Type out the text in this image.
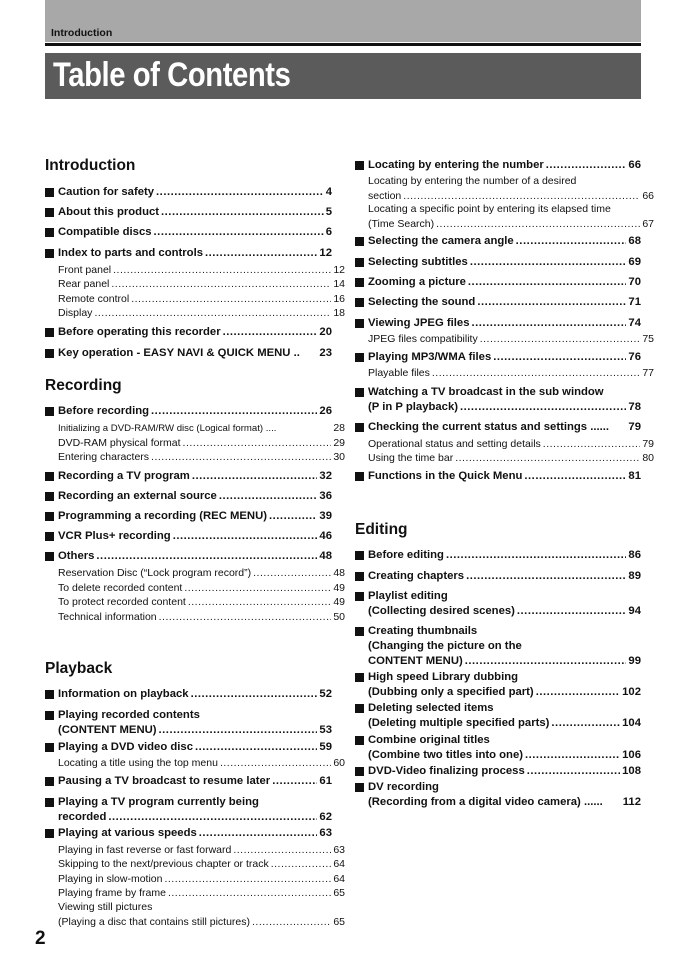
Introduction
Table of Contents
Introduction
Caution for safety .....	4
About this product .....	5
Compatible discs .....	6
Index to parts and controls .....	12
Front panel .....	12
Rear panel .....	14
Remote control .....	16
Display .....	18
Before operating this recorder .....	20
Key operation - EASY NAVI & QUICK MENU .. 23
Recording
Before recording .....	26
Initializing a DVD-RAM/RW disc (Logical format) ....	28
DVD-RAM physical format .....	29
Entering characters .....	30
Recording a TV program .....	32
Recording an external source .....	36
Programming a recording (REC MENU) .....	39
VCR Plus+ recording .....	46
Others .....	48
Reservation Disc (“Lock program record”) .....	48
To delete recorded content .....	49
To protect recorded content .....	49
Technical information .....	50
Playback
Information on playback .....	52
Playing recorded contents
(CONTENT MENU) .....	53
Playing a DVD video disc .....	59
Locating a title using the top menu .....	60
Pausing a TV broadcast to resume later .....	61
Playing a TV program currently being
recorded .....	62
Playing at various speeds .....	63
Playing in fast reverse or fast forward .....	63
Skipping to the next/previous chapter or track .....	64
Playing in slow-motion .....	64
Playing frame by frame .....	65
Viewing still pictures
(Playing a disc that contains still pictures) .....	65
Locating by entering the number .....	66
Locating by entering the number of a desired
section .....	66
Locating a specific point by entering its elapsed time
(Time Search) .....	67
Selecting the camera angle .....	68
Selecting subtitles .....	69
Zooming a picture .....	70
Selecting the sound .....	71
Viewing JPEG files .....	74
JPEG files compatibility .....	75
Playing MP3/WMA files .....	76
Playable files .....	77
Watching a TV broadcast in the sub window
(P in P playback) .....	78
Checking the current status and settings ...... 79
Operational status and setting details .....	79
Using the time bar .....	80
Functions in the Quick Menu .....	81
Editing
Before editing .....	86
Creating chapters .....	89
Playlist editing
(Collecting desired scenes) .....	94
Creating thumbnails
(Changing the picture on the
CONTENT MENU) .....	99
High speed Library dubbing
(Dubbing only a specified part) .....	102
Deleting selected items
(Deleting multiple specified parts) .....	104
Combine original titles
(Combine two titles into one) .....	106
DVD-Video finalizing process .....	108
DV recording
(Recording from a digital video camera) ...... 112
2
